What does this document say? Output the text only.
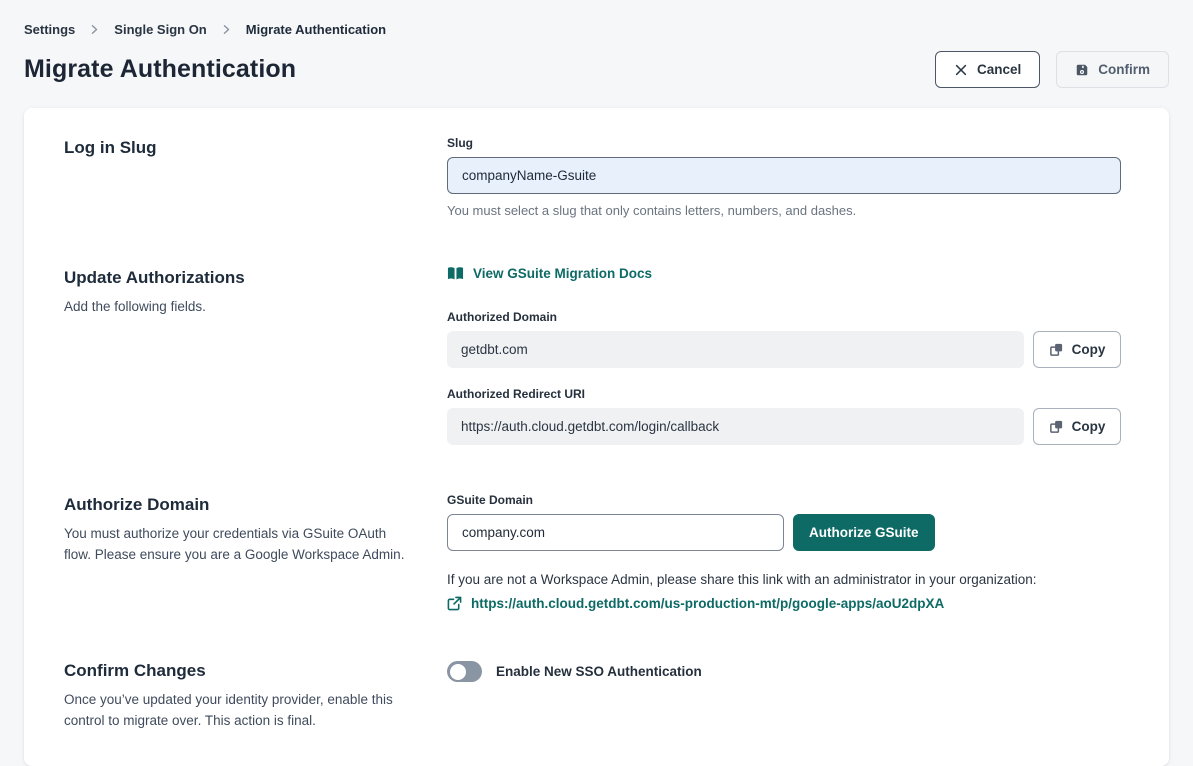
Settings	Single Sign On	Migrate Authentication
Migrate Authentication	Cancel	Confirm
Log in Slug	Slug
companyName-Gsuite
You must select a slug that only contains letters, numbers, and dashes.
Update Authorizations

Add the following fields.

View GSuite Migration Docs
Authorized Domain
getdbt.com	Copy
Authorized Redirect URI
https://auth.cloud.getdbt.com/login/callback	Copy
Authorize Domain

You must authorize your credentials via GSuite OAuth flow. Please ensure you are a Google Workspace Admin.

GSuite Domain
company.com
Authorize GSuite
If you are not a Workspace Admin, please share this link with an administrator in your organization:
https://auth.cloud.getdbt.com/us-production-mt/p/google-apps/aoU2dpXA
Confirm Changes

Once you’ve updated your identity provider, enable this control to migrate over. This action is final.

Enable New SSO Authentication
